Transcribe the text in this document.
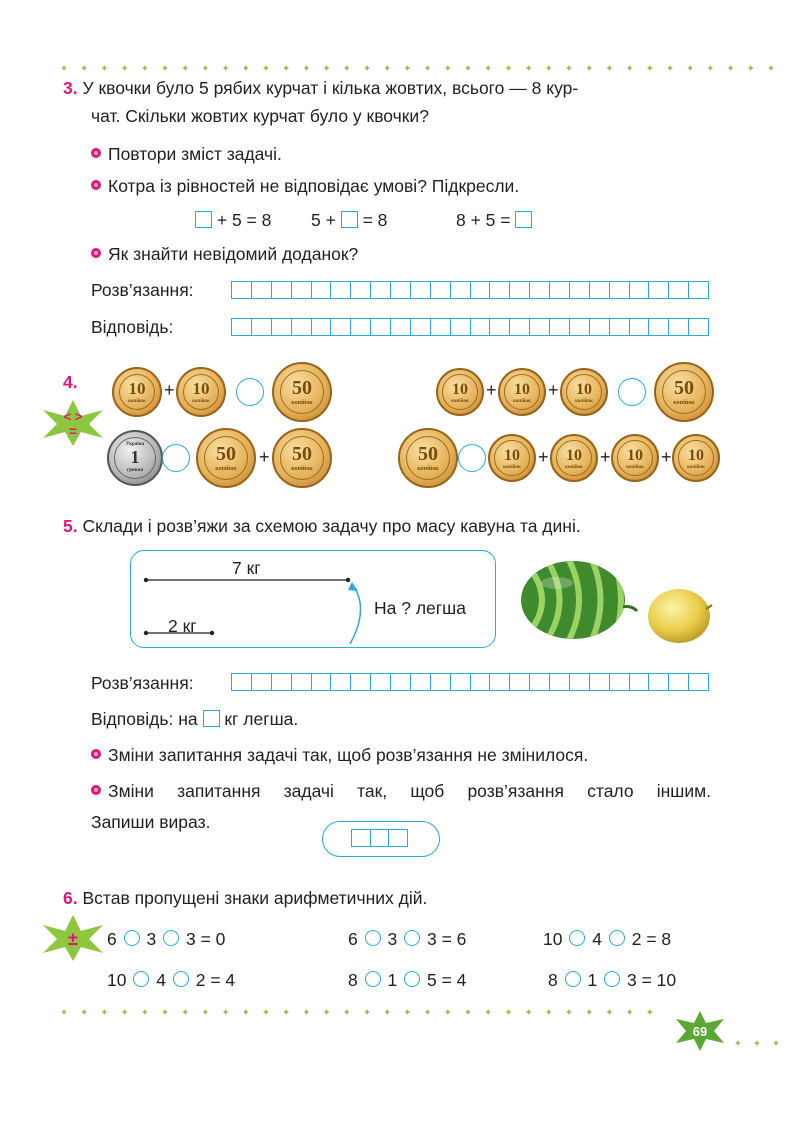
3. У квочки було 5 рябих курчат і кілька жовтих, всього — 8 кур-
чат. Скільки жовтих курчат було у квочки?
Повтори зміст задачі.
Котра із рівностей не відповідає умові? Підкресли.
+ 5 = 8 5 + = 8	8 + 5 =
Як знайти невідомий доданок?
Розв’язання:
Відповідь:
4.
< >
=
10
копійок
+ 10
копійок
50
копійок
Україна
1
гривня
50
копійок
+ 50
копійок
10
копійок
+ 10
копійок
+ 10
копійок
50
копійок
50
копійок
10
копійок + 10
копійок + 10
копійок + 10
копійок
5. Склади і розв’яжи за схемою задачу про масу кавуна та дині.
7 кг
2 кг
На ? легша
Розв’язання:
Відповідь: на кг легша.
Зміни запитання задачі так, щоб розв’язання не змінилося.
Зміни запитання задачі так, щоб розв’язання стало іншим.
Запиши вираз.
6. Встав пропущені знаки арифметичних дій.
± 6 3 3 = 0	6 3 3 = 6	10 4 2 = 8
10 4 2 = 4	8 1 5 = 4	8 1 3 = 10
69
